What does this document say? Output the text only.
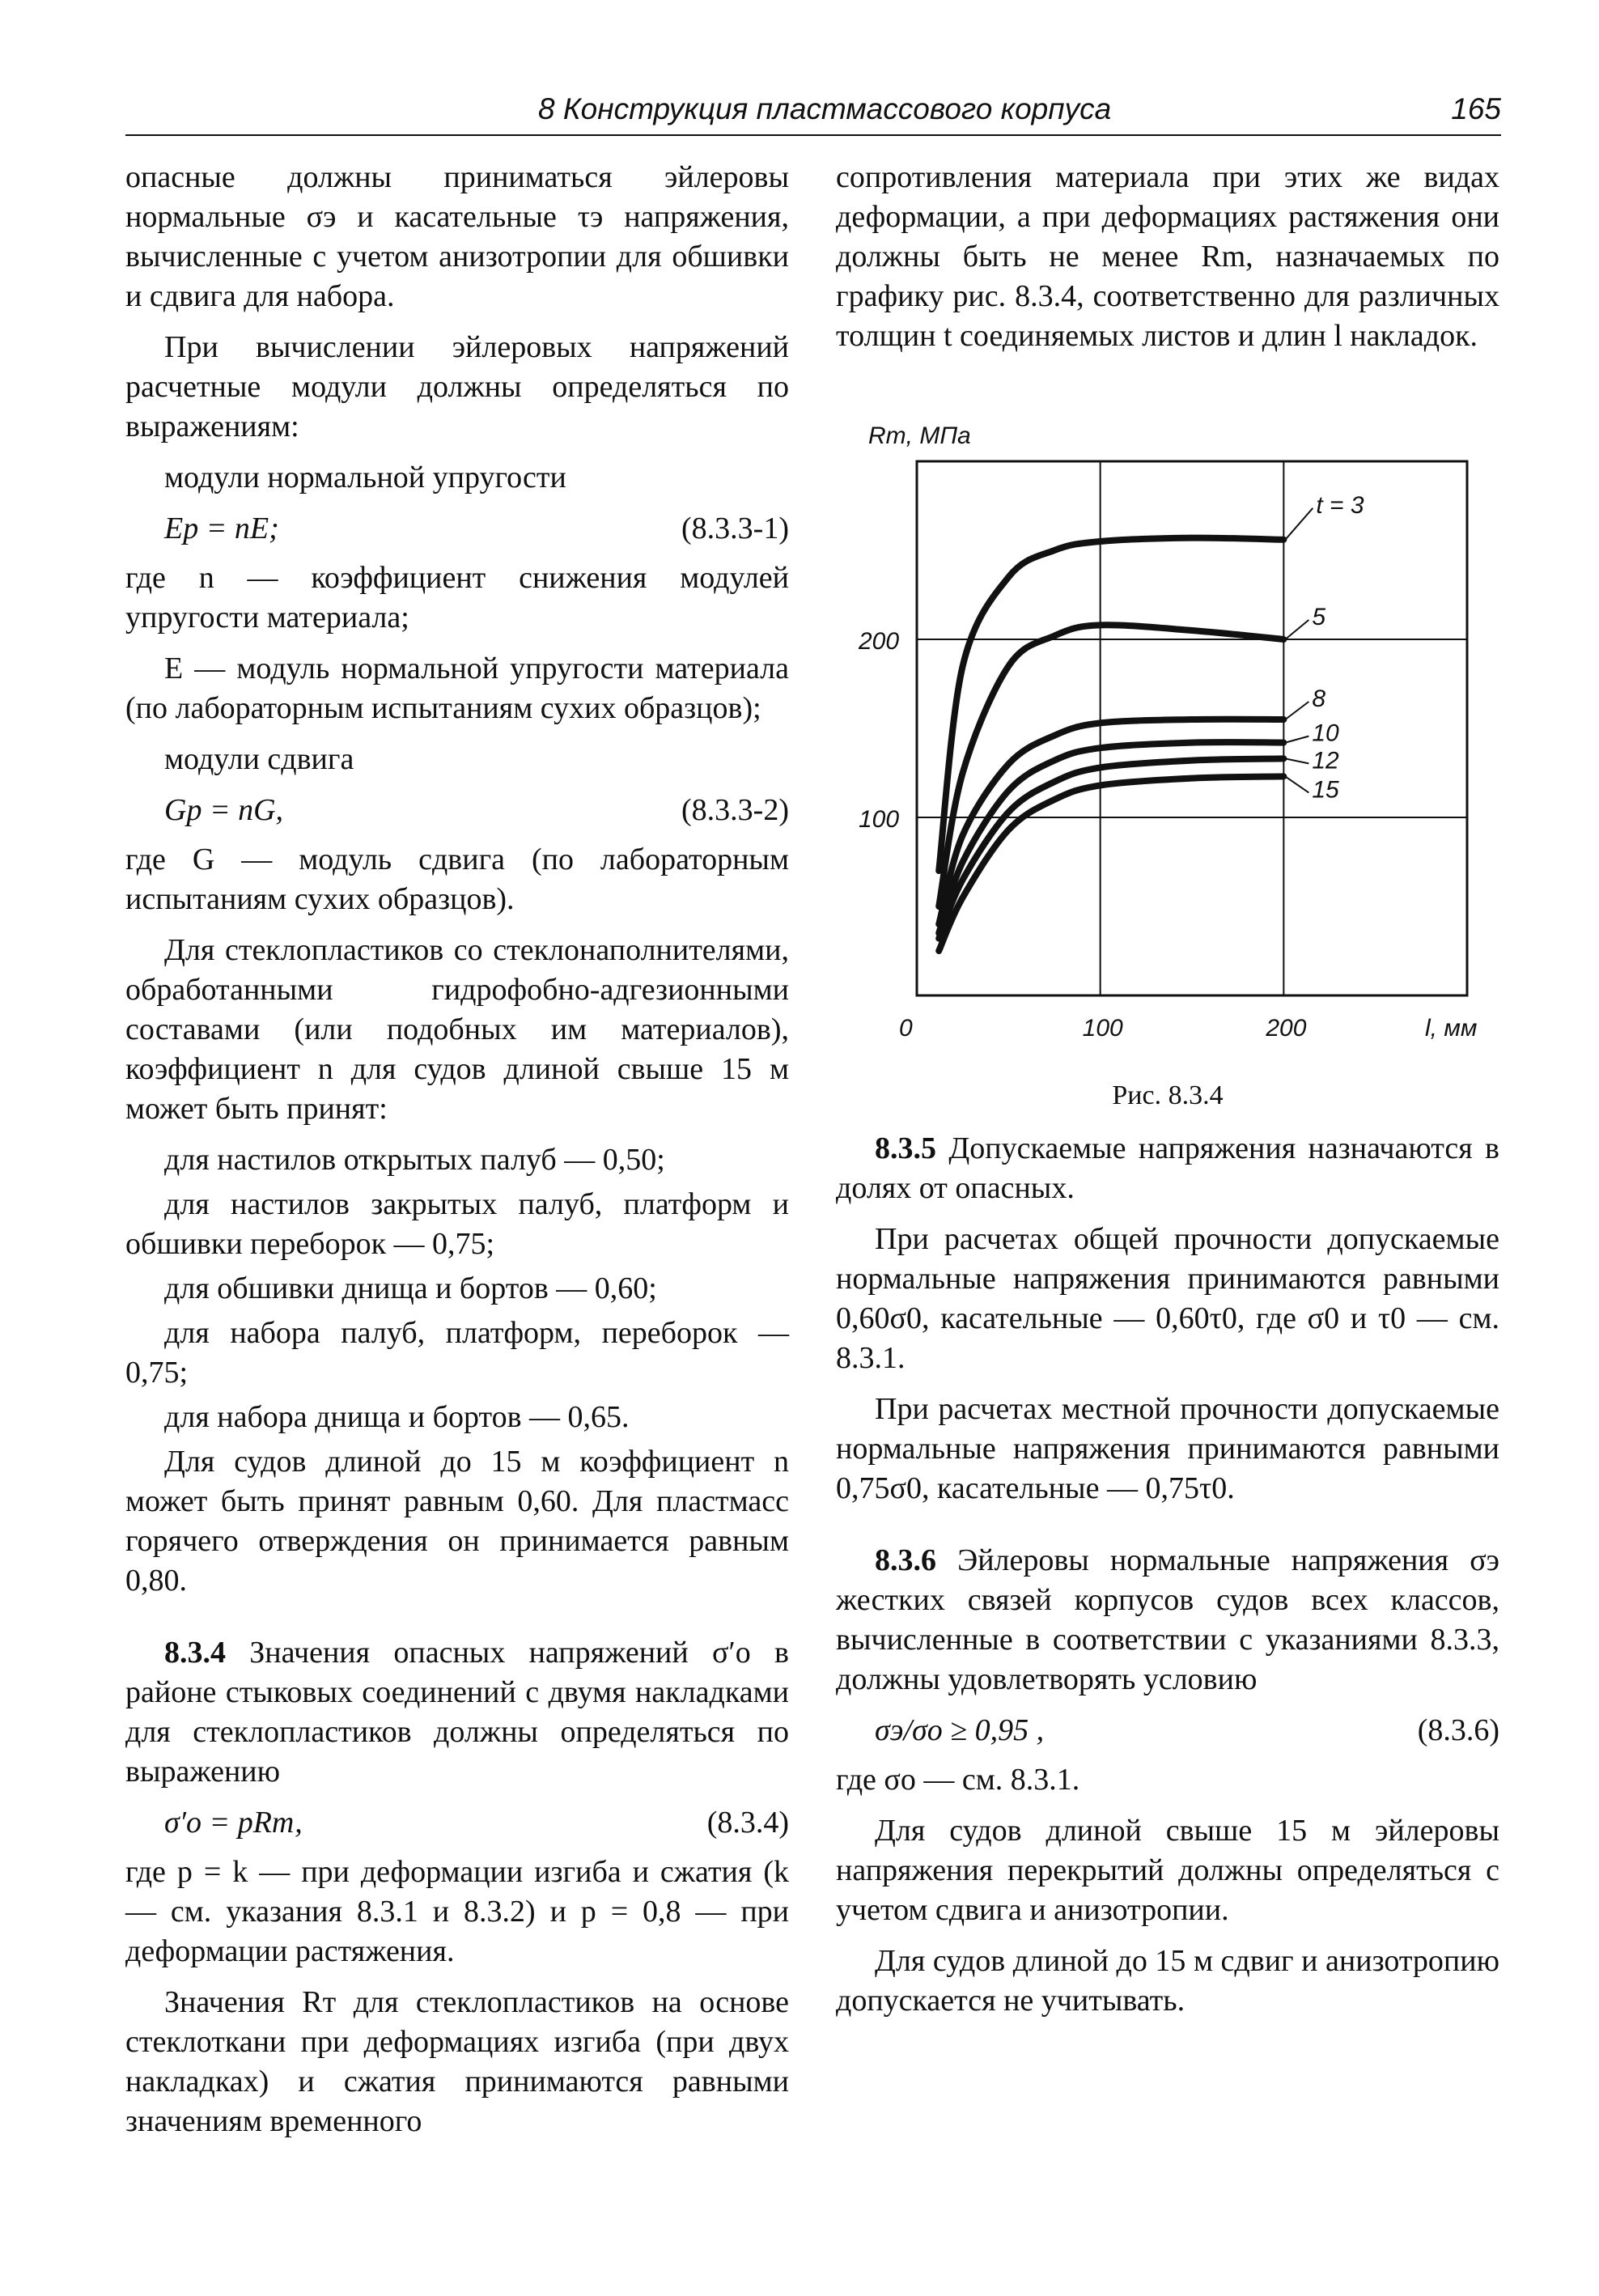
8 Конструкция пластмассового корпуса	165

опасные должны приниматься эйлеровы нормальные σэ и касательные τэ напряжения, вычисленные с учетом анизотропии для обшивки и сдвига для набора.

При вычислении эйлеровых напряжений расчетные модули должны определяться по выражениям:

модули нормальной упругости

Eр = nE;	(8.3.3-1)

где n — коэффициент снижения модулей упругости материала;

E — модуль нормальной упругости материала (по лабораторным испытаниям сухих образцов);

модули сдвига

Gр = nG,	(8.3.3-2)

где G — модуль сдвига (по лабораторным испытаниям сухих образцов).

Для стеклопластиков со стеклонаполнителями, обработанными гидрофобно-адгезионными составами (или подобных им материалов), коэффициент n для судов длиной свыше 15 м может быть принят:

для настилов открытых палуб — 0,50;
для настилов закрытых палуб, платформ и обшивки переборок — 0,75;
для обшивки днища и бортов — 0,60;
для набора палуб, платформ, переборок — 0,75;
для набора днища и бортов — 0,65.

Для судов длиной до 15 м коэффициент n может быть принят равным 0,60. Для пластмасс горячего отверждения он принимается равным 0,80.

8.3.4 Значения опасных напряжений σ′o в районе стыковых соединений с двумя накладками для стеклопластиков должны определяться по выражению

σ′o = pRт,	(8.3.4)

где p = k — при деформации изгиба и сжатия (k — см. указания 8.3.1 и 8.3.2) и p = 0,8 — при деформации растяжения.

Значения Rт для стеклопластиков на основе стеклоткани при деформациях изгиба (при двух накладках) и сжатия принимаются равными значениям временного

сопротивления материала при этих же видах деформации, а при деформациях растяжения они должны быть не менее Rm, назначаемых по графику рис. 8.3.4, соответственно для различных толщин t соединяемых листов и длин l накладок.

t = 3
5
8
10
12
15
Rm, МПа
100
200
0	100	200	l, мм
Рис. 8.3.4

8.3.5 Допускаемые напряжения назначаются в долях от опасных.

При расчетах общей прочности допускаемые нормальные напряжения принимаются равными 0,60σ0, касательные — 0,60τ0, где σ0 и τ0 — см. 8.3.1.

При расчетах местной прочности допускаемые нормальные напряжения принимаются равными 0,75σ0, касательные — 0,75τ0.

8.3.6 Эйлеровы нормальные напряжения σэ жестких связей корпусов судов всех классов, вычисленные в соответствии с указаниями 8.3.3, должны удовлетворять условию

σэ/σo ≥ 0,95 ,	(8.3.6)

где σo — см. 8.3.1.

Для судов длиной свыше 15 м эйлеровы напряжения перекрытий должны определяться с учетом сдвига и анизотропии.

Для судов длиной до 15 м сдвиг и анизотропию допускается не учитывать.
